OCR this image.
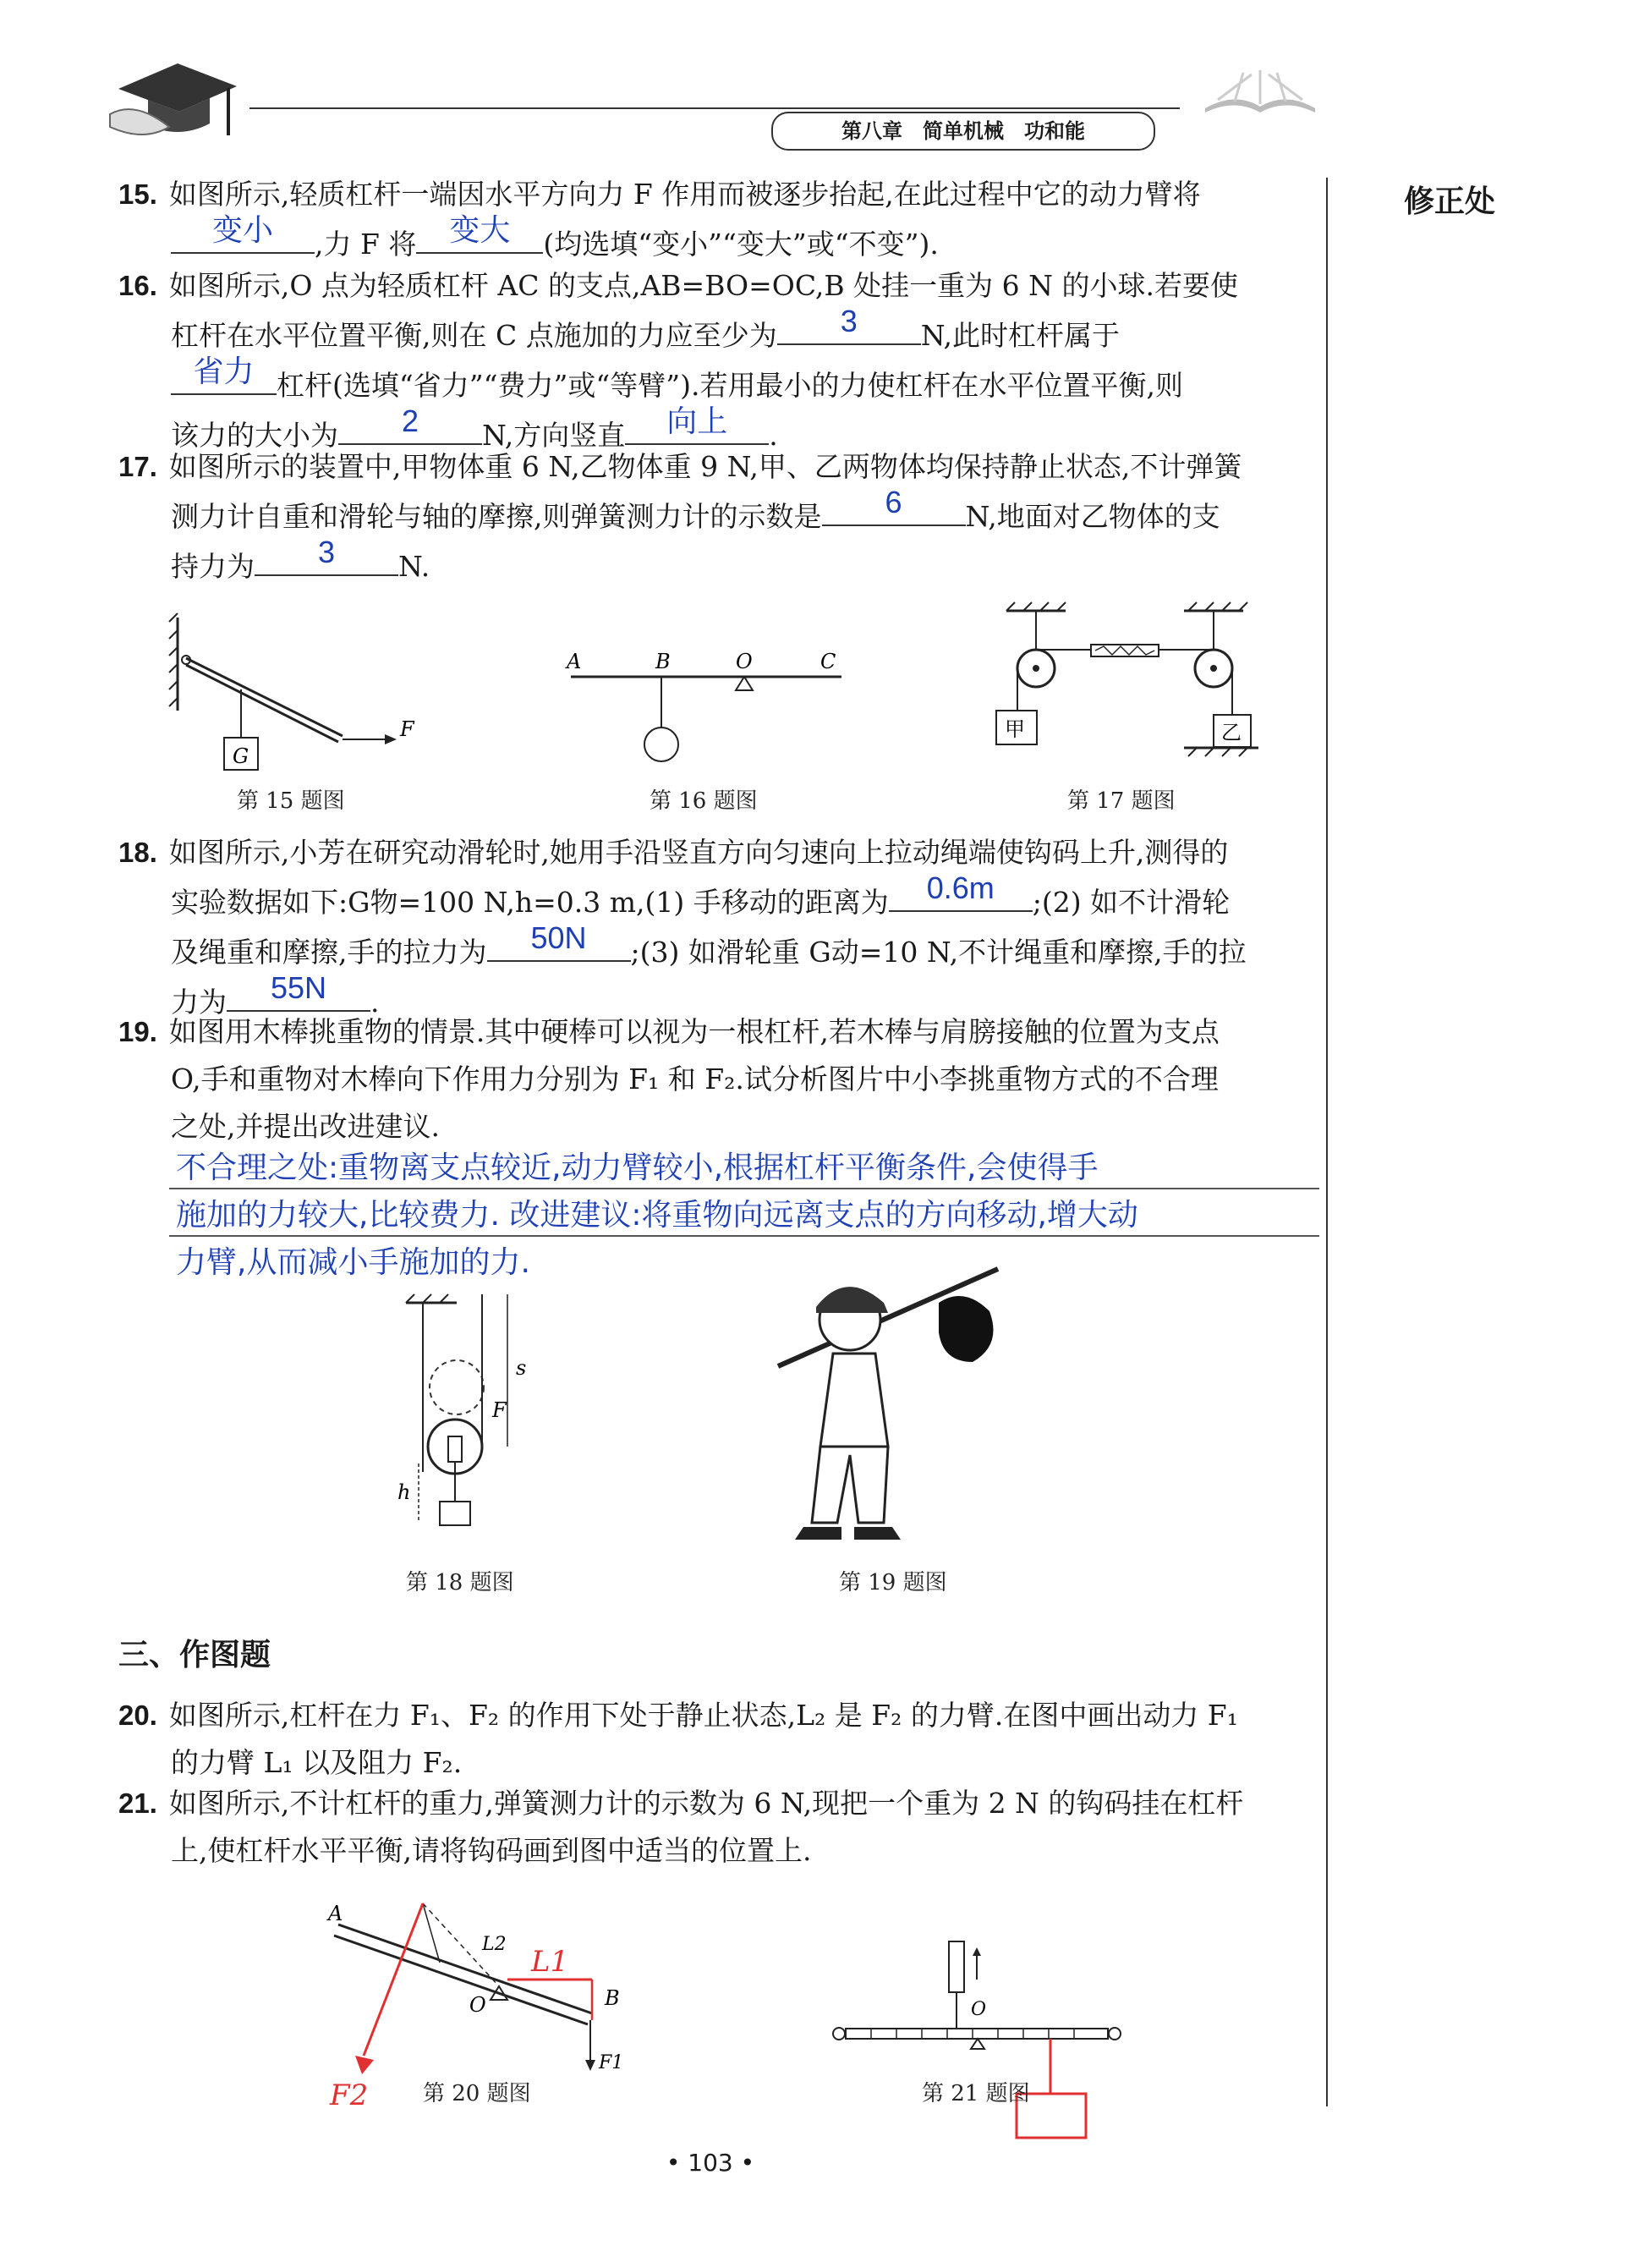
第八章　简单机械　功和能
修正处
15. 如图所示,轻质杠杆一端因水平方向力 F 作用而被逐步抬起,在此过程中它的动力臂将

变小	,力 F 将	变大	(均选填“变小”“变大”或“不变”).
16. 如图所示,O 点为轻质杠杆 AC 的支点,AB=BO=OC,B 处挂一重为 6 N 的小球.若要使
杠杆在水平位置平衡,则在 C 点施加的力应至少为	3	N,此时杠杆属于

省力 杠杆(选填“省力”“费力”或“等臂”).若用最小的力使杠杆在水平位置平衡,则
该力的大小为	2	N,方向竖直	向上	.
17. 如图所示的装置中,甲物体重 6 N,乙物体重 9 N,甲、乙两物体均保持静止状态,不计弹簧
测力计自重和滑轮与轴的摩擦,则弹簧测力计的示数是	6	N,地面对乙物体的支
持力为	3	N.
G
F
第 15 题图
A	B	O	C
第 16 题图
甲	乙
第 17 题图
18. 如图所示,小芳在研究动滑轮时,她用手沿竖直方向匀速向上拉动绳端使钩码上升,测得的
实验数据如下:G物=100 N,h=0.3 m,(1) 手移动的距离为	0.6m	;(2) 如不计滑轮
及绳重和摩擦,手的拉力为	50N	;(3) 如滑轮重 G动=10 N,不计绳重和摩擦,手的拉
力为	55N	.
19. 如图用木棒挑重物的情景.其中硬棒可以视为一根杠杆,若木棒与肩膀接触的位置为支点
O,手和重物对木棒向下作用力分别为 F₁ 和 F₂.试分析图片中小李挑重物方式的不合理
之处,并提出改进建议.
不合理之处:重物离支点较近,动力臂较小,根据杠杆平衡条件,会使得手
施加的力较大,比较费力. 改进建议:将重物向远离支点的方向移动,增大动
力臂,从而减小手施加的力.
s
F
h
第 18 题图	第 19 题图
三、作图题
20. 如图所示,杠杆在力 F₁、F₂ 的作用下处于静止状态,L₂ 是 F₂ 的力臂.在图中画出动力 F₁
的力臂 L₁ 以及阻力 F₂.
21. 如图所示,不计杠杆的重力,弹簧测力计的示数为 6 N,现把一个重为 2 N 的钩码挂在杠杆
上,使杠杆水平平衡,请将钩码画到图中适当的位置上.
A
B
O
L2
F1
L1
F2 第 20 题图
O
第 21 题图
• 103 •
